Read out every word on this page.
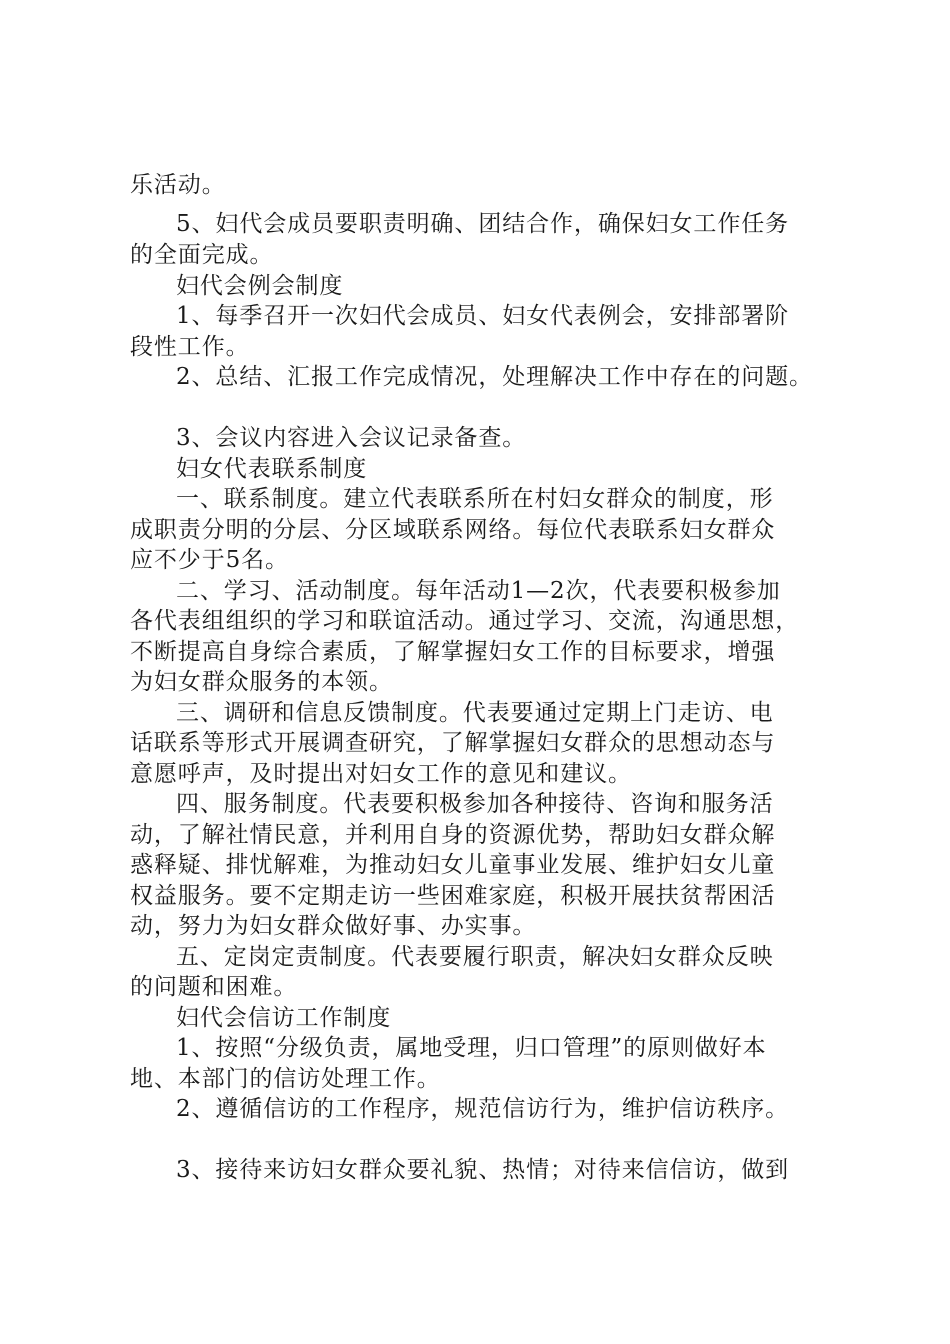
乐活动。
5、妇代会成员要职责明确、团结合作，确保妇女工作任务
的全面完成。
妇代会例会制度
1、每季召开一次妇代会成员、妇女代表例会，安排部署阶
段性工作。
2、总结、汇报工作完成情况，处理解决工作中存在的问题。
3、会议内容进入会议记录备查。
妇女代表联系制度
一、联系制度。建立代表联系所在村妇女群众的制度，形
成职责分明的分层、分区域联系网络。每位代表联系妇女群众
应不少于5名。
二、学习、活动制度。每年活动1—2次，代表要积极参加
各代表组组织的学习和联谊活动。通过学习、交流，沟通思想，
不断提高自身综合素质，了解掌握妇女工作的目标要求，增强
为妇女群众服务的本领。
三、调研和信息反馈制度。代表要通过定期上门走访、电
话联系等形式开展调查研究，了解掌握妇女群众的思想动态与
意愿呼声，及时提出对妇女工作的意见和建议。
四、服务制度。代表要积极参加各种接待、咨询和服务活
动，了解社情民意，并利用自身的资源优势，帮助妇女群众解
惑释疑、排忧解难，为推动妇女儿童事业发展、维护妇女儿童
权益服务。要不定期走访一些困难家庭，积极开展扶贫帮困活
动，努力为妇女群众做好事、办实事。
五、定岗定责制度。代表要履行职责，解决妇女群众反映
的问题和困难。
妇代会信访工作制度
1、按照“分级负责，属地受理，归口管理”的原则做好本
地、本部门的信访处理工作。
2、遵循信访的工作程序，规范信访行为，维护信访秩序。
3、接待来访妇女群众要礼貌、热情；对待来信信访，做到
